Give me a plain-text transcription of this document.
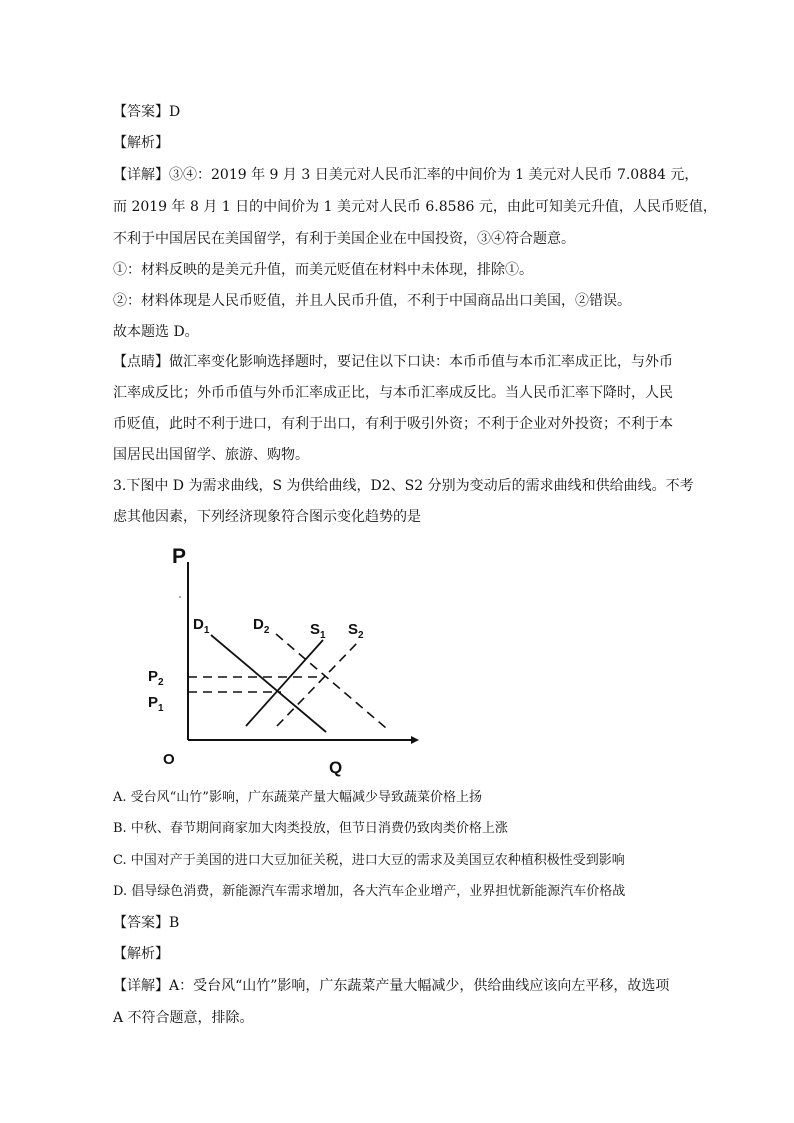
【答案】D
【解析】
【详解】③④：2019 年 9 月 3 日美元对人民币汇率的中间价为 1 美元对人民币 7.0884 元，
而 2019 年 8 月 1 日的中间价为 1 美元对人民币 6.8586 元，由此可知美元升值，人民币贬值，
不利于中国居民在美国留学，有利于美国企业在中国投资，③④符合题意。
①：材料反映的是美元升值，而美元贬值在材料中未体现，排除①。
②：材料体现是人民币贬值，并且人民币升值，不利于中国商品出口美国，②错误。
故本题选 D。
【点睛】做汇率变化影响选择题时，要记住以下口诀：本币币值与本币汇率成正比，与外币
汇率成反比；外币币值与外币汇率成正比，与本币汇率成反比。当人民币汇率下降时，人民
币贬值，此时不利于进口，有利于出口，有利于吸引外资；不利于企业对外投资；不利于本
国居民出国留学、旅游、购物。
3.下图中 D 为需求曲线，S 为供给曲线，D2、S2 分别为变动后的需求曲线和供给曲线。不考
虑其他因素，下列经济现象符合图示变化趋势的是
P
Q
O
$P_2$
$P_1$
$D_1$	$D_2$	$S_1$ $S_2$
A. 受台风“山竹”影响，广东蔬菜产量大幅减少导致蔬菜价格上扬
B. 中秋、春节期间商家加大肉类投放，但节日消费仍致肉类价格上涨
C. 中国对产于美国的进口大豆加征关税，进口大豆的需求及美国豆农种植积极性受到影响
D. 倡导绿色消费，新能源汽车需求增加，各大汽车企业增产，业界担忧新能源汽车价格战
【答案】B
【解析】
【详解】A：受台风“山竹”影响，广东蔬菜产量大幅减少，供给曲线应该向左平移，故选项
A 不符合题意，排除。
